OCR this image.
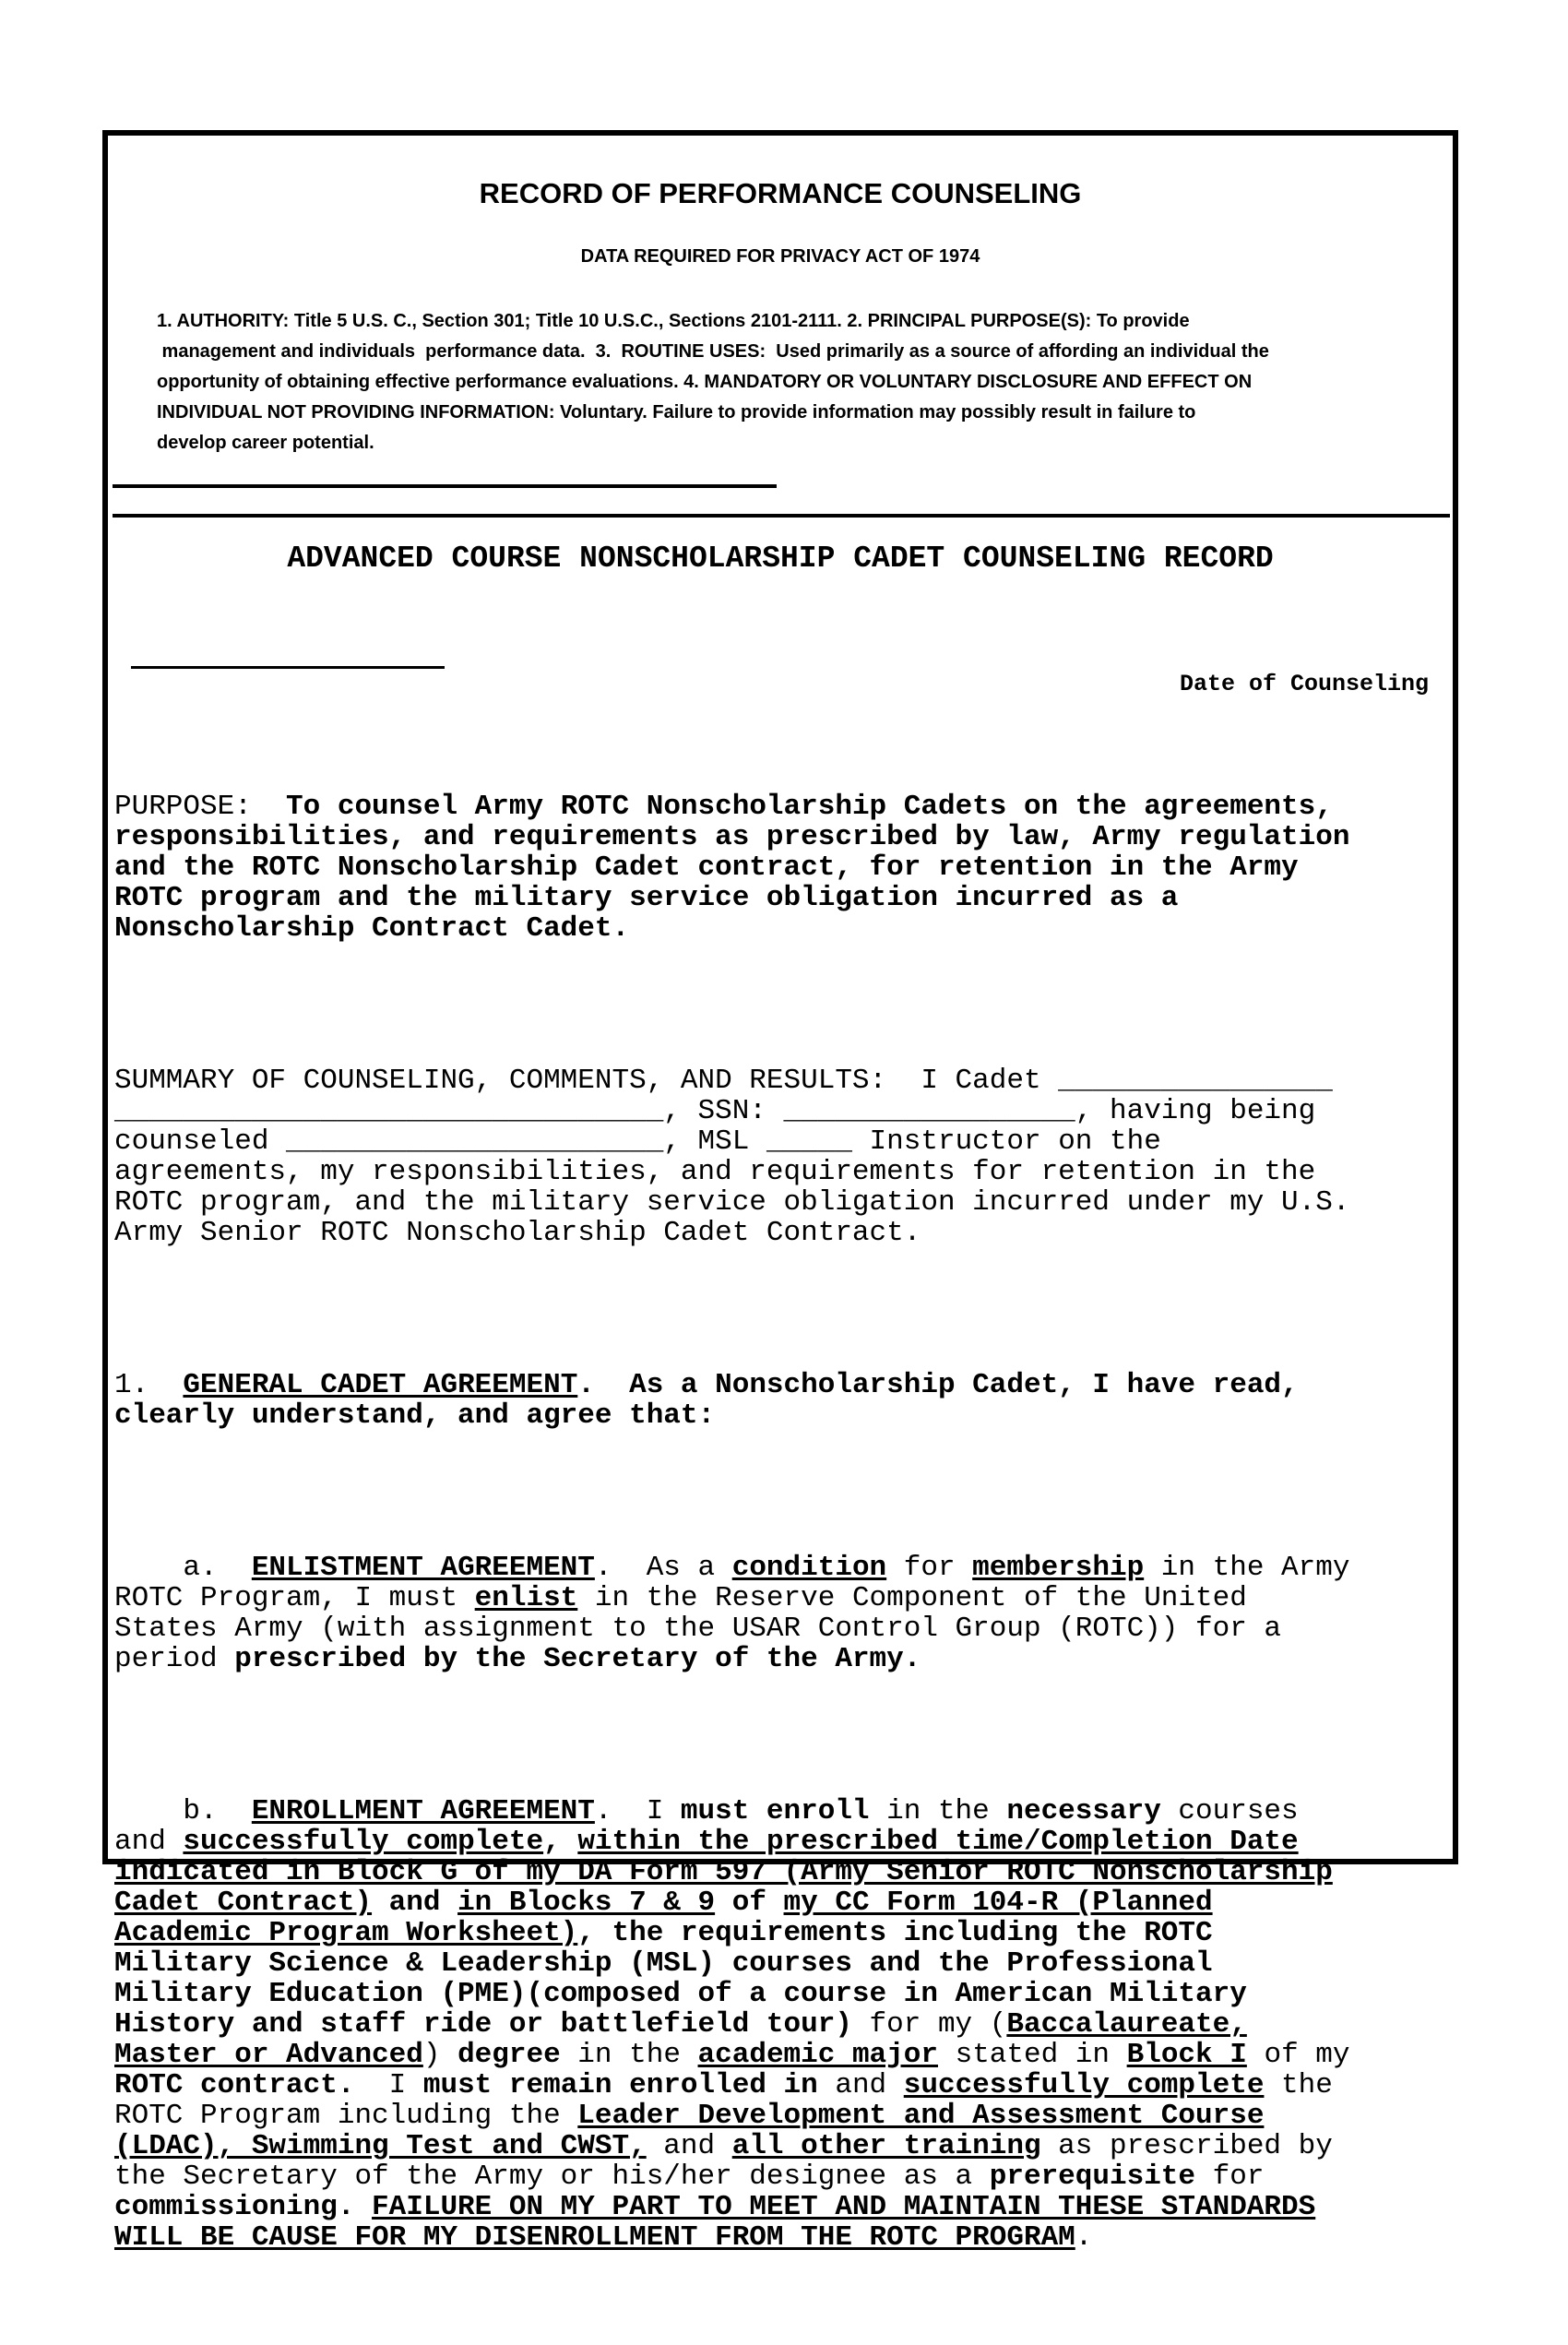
RECORD OF PERFORMANCE COUNSELING
DATA REQUIRED FOR PRIVACY ACT OF 1974
1. AUTHORITY: Title 5 U.S. C., Section 301; Title 10 U.S.C., Sections 2101-2111. 2. PRINCIPAL PURPOSE(S): To provide
management and individuals  performance data.  3.  ROUTINE USES:  Used primarily as a source of affording an individual the
opportunity of obtaining effective performance evaluations. 4. MANDATORY OR VOLUNTARY DISCLOSURE AND EFFECT ON
INDIVIDUAL NOT PROVIDING INFORMATION: Voluntary. Failure to provide information may possibly result in failure to
develop career potential.
ADVANCED COURSE NONSCHOLARSHIP CADET COUNSELING RECORD
Date of Counseling

PURPOSE: To counsel Army ROTC Nonscholarship Cadets on the agreements,
responsibilities, and requirements as prescribed by law, Army regulation
and the ROTC Nonscholarship Cadet contract, for retention in the Army
ROTC program and the military service obligation incurred as a
Nonscholarship Contract Cadet.

SUMMARY OF COUNSELING, COMMENTS, AND RESULTS:  I Cadet ________________
________________________________, SSN: _________________, having being
counseled ______________________, MSL _____ Instructor on the
agreements, my responsibilities, and requirements for retention in the
ROTC program, and the military service obligation incurred under my U.S.
Army Senior ROTC Nonscholarship Cadet Contract.

1.  GENERAL CADET AGREEMENT.  As a Nonscholarship Cadet, I have read,
clearly understand, and agree that:

a.  ENLISTMENT AGREEMENT.  As a condition for membership in the Army
ROTC Program, I must enlist in the Reserve Component of the United
States Army (with assignment to the USAR Control Group (ROTC)) for a
period prescribed by the Secretary of the Army.

b.  ENROLLMENT AGREEMENT.  I must enroll in the necessary courses
and successfully complete, within the prescribed time/Completion Date
indicated in Block G of my DA Form 597 (Army Senior ROTC Nonscholarship
Cadet Contract) and in Blocks 7 & 9 of my CC Form 104-R (Planned
Academic Program Worksheet), the requirements including the ROTC
Military Science & Leadership (MSL) courses and the Professional
Military Education (PME)(composed of a course in American Military
History and staff ride or battlefield tour) for my (Baccalaureate,
Master or Advanced) degree in the academic major stated in Block I of my
ROTC contract.  I must remain enrolled in and successfully complete the
ROTC Program including the Leader Development and Assessment Course
(LDAC), Swimming Test and CWST, and all other training as prescribed by
the Secretary of the Army or his/her designee as a prerequisite for
commissioning. FAILURE ON MY PART TO MEET AND MAINTAIN THESE STANDARDS
WILL BE CAUSE FOR MY DISENROLLMENT FROM THE ROTC PROGRAM.
